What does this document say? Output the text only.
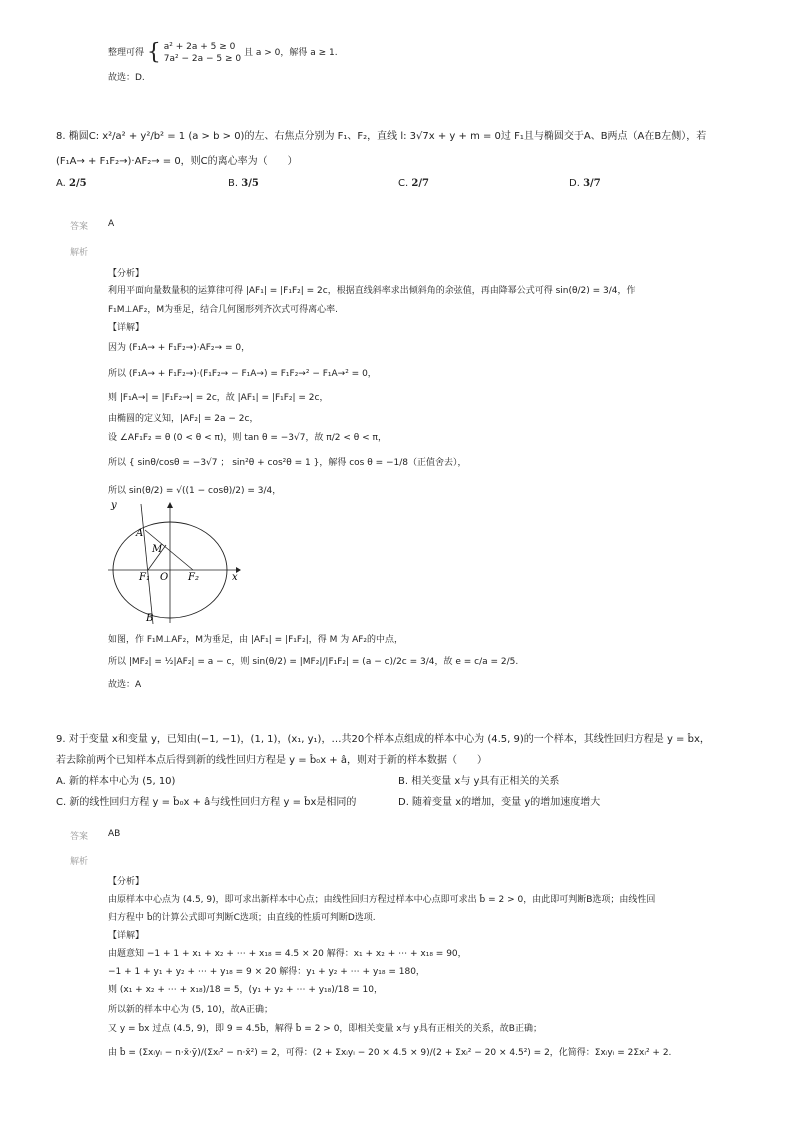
整理可得 { a² + 2a + 5 ≥ 0
7a² − 2a − 5 ≥ 0
且 a > 0，解得 a ≥ 1.
故选：D.
8. 椭圆C: x²/a² + y²/b² = 1 (a > b > 0)的左、右焦点分别为 F₁、F₂，直线 l: 3√7x + y + m = 0过 F₁且与椭圆交于A、B两点（A在B左侧），若
(F₁A→ + F₁F₂→)·AF₂→ = 0，则C的离心率为（　　）
A. 2/5	B. 3/5	C. 2/7	D. 3/7
答案 A
解析
【分析】
利用平面向量数量积的运算律可得 |AF₁| = |F₁F₂| = 2c，根据直线斜率求出倾斜角的余弦值，再由降幂公式可得 sin(θ/2) = 3/4，作
F₁M⊥AF₂，M为垂足，结合几何图形列齐次式可得离心率.
【详解】
因为 (F₁A→ + F₁F₂→)·AF₂→ = 0，
所以 (F₁A→ + F₁F₂→)·(F₁F₂→ − F₁A→) = F₁F₂→² − F₁A→² = 0，
则 |F₁A→| = |F₁F₂→| = 2c，故 |AF₁| = |F₁F₂| = 2c，
由椭圆的定义知，|AF₂| = 2a − 2c，
设 ∠AF₁F₂ = θ (0 < θ < π)，则 tan θ = −3√7，故 π/2 < θ < π，
所以 { sinθ/cosθ = −3√7 ； sin²θ + cos²θ = 1 }，解得 cos θ = −1/8（正值舍去），
所以 sin(θ/2) = √((1 − cosθ)/2) = 3/4，
y
x
A
M
F₁ O F₂
B
如图，作 F₁M⊥AF₂，M为垂足，由 |AF₁| = |F₁F₂|，得 M 为 AF₂的中点，
所以 |MF₂| = ½|AF₂| = a − c，则 sin(θ/2) = |MF₂|/|F₁F₂| = (a − c)/2c = 3/4，故 e = c/a = 2/5.
故选：A
9. 对于变量 x和变量 y，已知由(−1, −1)，(1, 1)，(x₁, y₁)，…共20个样本点组成的样本中心为 (4.5, 9)的一个样本，其线性回归方程是 y = b̂x，
若去除前两个已知样本点后得到新的线性回归方程是 y = b̂₀x + â，则对于新的样本数据（　　）
A. 新的样本中心为 (5, 10)	B. 相关变量 x与 y具有正相关的关系
C. 新的线性回归方程 y = b̂₀x + â与线性回归方程 y = b̂x是相同的	D. 随着变量 x的增加，变量 y的增加速度增大
答案 AB
解析
【分析】
由原样本中心点为 (4.5, 9)，即可求出新样本中心点；由线性回归方程过样本中心点即可求出 b̂ = 2 > 0，由此即可判断B选项；由线性回
归方程中 b̂的计算公式即可判断C选项；由直线的性质可判断D选项.
【详解】
由题意知 −1 + 1 + x₁ + x₂ + ⋯ + x₁₈ = 4.5 × 20 解得：x₁ + x₂ + ⋯ + x₁₈ = 90，
−1 + 1 + y₁ + y₂ + ⋯ + y₁₈ = 9 × 20 解得：y₁ + y₂ + ⋯ + y₁₈ = 180，
则 (x₁ + x₂ + ⋯ + x₁₈)/18 = 5，(y₁ + y₂ + ⋯ + y₁₈)/18 = 10，
所以新的样本中心为 (5, 10)，故A正确；
又 y = b̂x 过点 (4.5, 9)，即 9 = 4.5b̂，解得 b̂ = 2 > 0，即相关变量 x与 y具有正相关的关系，故B正确；
由 b̂ = (Σxᵢyᵢ − n·x̄·ȳ)/(Σxᵢ² − n·x̄²) = 2，可得：(2 + Σxᵢyᵢ − 20 × 4.5 × 9)/(2 + Σxᵢ² − 20 × 4.5²) = 2，化简得：Σxᵢyᵢ = 2Σxᵢ² + 2.
